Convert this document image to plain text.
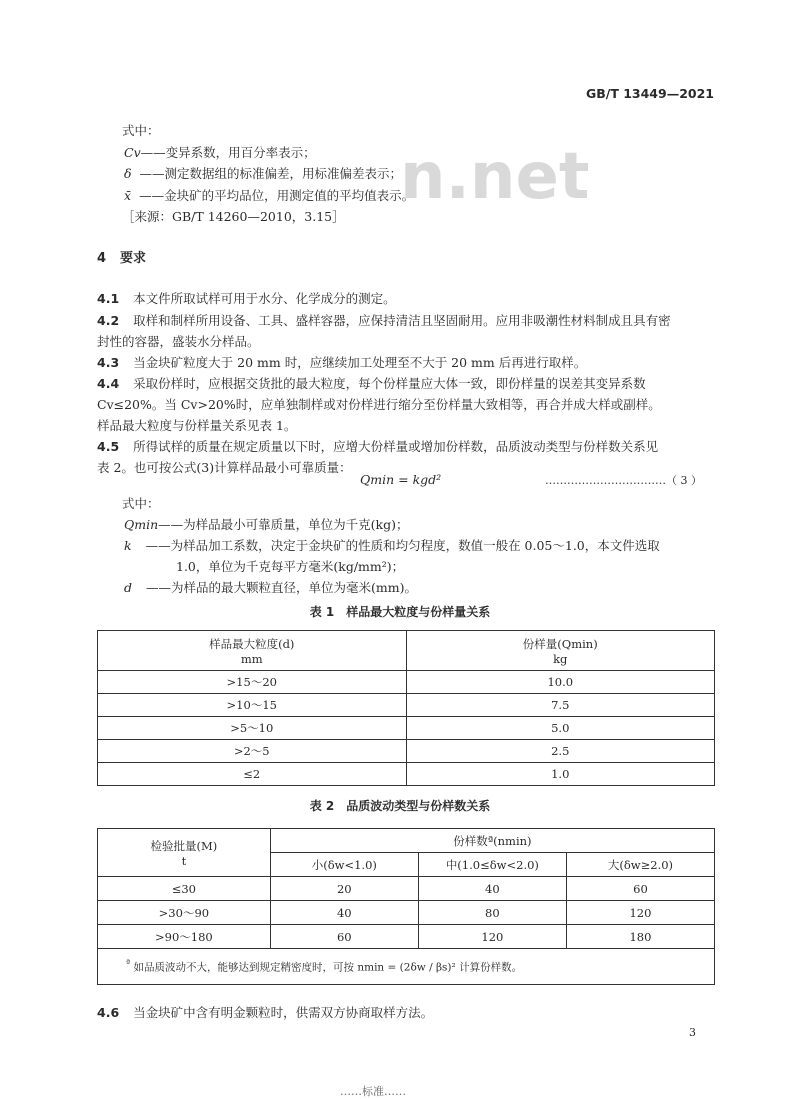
GB/T 13449—2021
n.net
式中：
Cv——变异系数，用百分率表示；
δ ——测定数据组的标准偏差，用标准偏差表示；
x̄ ——金块矿的平均品位，用测定值的平均值表示。
［来源：GB/T 14260—2010，3.15］
4 要求
4.1 本文件所取试样可用于水分、化学成分的测定。
4.2 取样和制样所用设备、工具、盛样容器，应保持清洁且坚固耐用。应用非吸潮性材料制成且具有密
封性的容器，盛装水分样品。
4.3 当金块矿粒度大于 20 mm 时，应继续加工处理至不大于 20 mm 后再进行取样。
4.4 采取份样时，应根据交货批的最大粒度，每个份样量应大体一致，即份样量的误差其变异系数
Cv≤20%。当 Cv>20%时，应单独制样或对份样进行缩分至份样量大致相等，再合并成大样或副样。
样品最大粒度与份样量关系见表 1。
4.5 所得试样的质量在规定质量以下时，应增大份样量或增加份样数，品质波动类型与份样数关系见
表 2。也可按公式(3)计算样品最小可靠质量：
Qmin = kgd²	……………………………（ 3 ）
式中：
Qmin——为样品最小可靠质量，单位为千克(kg)；
k ——为样品加工系数，决定于金块矿的性质和均匀程度，数值一般在 0.05～1.0，本文件选取
1.0，单位为千克每平方毫米(kg/mm²)；
d ——为样品的最大颗粒直径，单位为毫米(mm)。
表 1　样品最大粒度与份样量关系
样品最大粒度(d)
mm	份样量(Qmin)
kg
>15～20	10.0
>10～15	7.5
>5～10	5.0
>2～5	2.5
≤2	1.0
表 2　品质波动类型与份样数关系
检验批量(M)
t	份样数ª(nmin)		
	小(δw<1.0)	中(1.0≤δw<2.0)	大(δw≥2.0)
≤30	20	40	60
>30～90	40	80	120
>90～180	60	120	180
$^ª$ 如品质波动不大，能够达到规定精密度时，可按 nmin = (2δw / βs)² 计算份样数。			
4.6 当金块矿中含有明金颗粒时，供需双方协商取样方法。
3
……标准……
